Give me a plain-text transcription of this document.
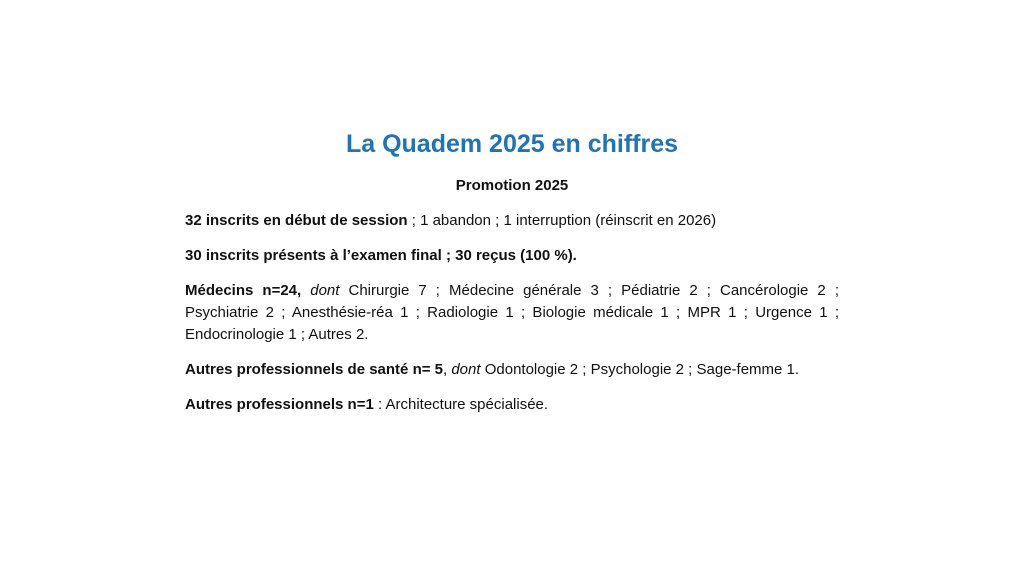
La Quadem 2025 en chiffres
Promotion 2025

32 inscrits en début de session ; 1 abandon ; 1 interruption (réinscrit en 2026)

30 inscrits présents à l’examen final ; 30 reçus (100 %).

Médecins n=24, dont Chirurgie 7 ; Médecine générale 3 ; Pédiatrie 2 ; Cancérologie 2 ; Psychiatrie 2 ; Anesthésie-réa 1 ; Radiologie 1 ; Biologie médicale 1 ; MPR 1 ; Urgence 1 ; Endocrinologie 1 ; Autres 2.

Autres professionnels de santé n= 5, dont Odontologie 2 ; Psychologie 2 ; Sage-femme 1.

Autres professionnels n=1 : Architecture spécialisée.
